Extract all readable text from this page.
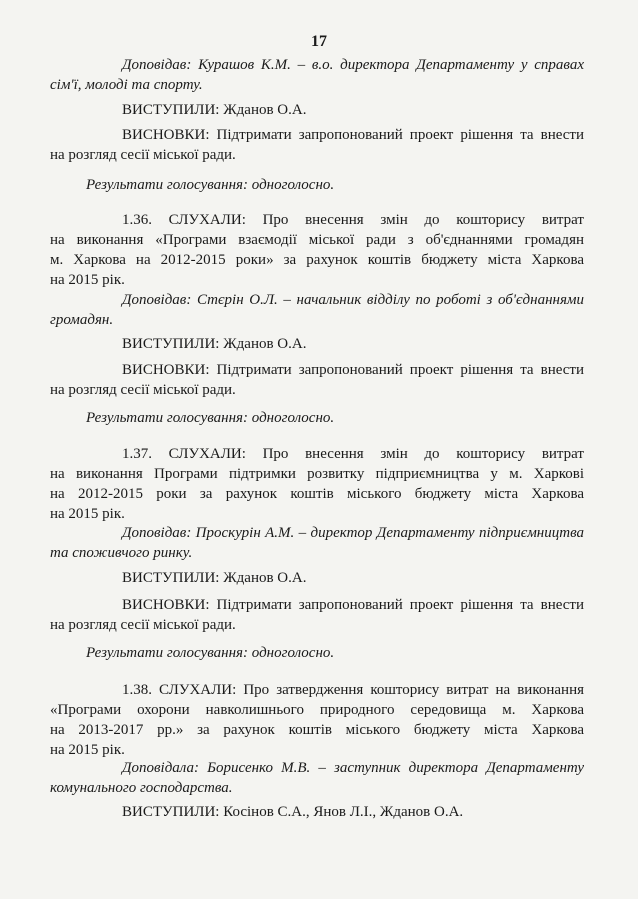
17
Доповідав: Курашов К.М. – в.о. директора Департаменту у справах
сім'ї, молоді та спорту.
ВИСТУПИЛИ: Жданов О.А.
ВИСНОВКИ: Підтримати запропонований проект рішення та внести
на розгляд сесії міської ради.
Результати голосування: одноголосно.
1.36. СЛУХАЛИ: Про внесення змін до кошторису витрат
на виконання «Програми взаємодії міської ради з об'єднаннями громадян
м. Харкова на 2012-2015 роки» за рахунок коштів бюджету міста Харкова
на 2015 рік.
Доповідав: Стєрін О.Л. – начальник відділу по роботі з об'єднаннями
громадян.
ВИСТУПИЛИ: Жданов О.А.
ВИСНОВКИ: Підтримати запропонований проект рішення та внести
на розгляд сесії міської ради.
Результати голосування: одноголосно.
1.37. СЛУХАЛИ: Про внесення змін до кошторису витрат
на виконання Програми підтримки розвитку підприємництва у м. Харкові
на 2012-2015 роки за рахунок коштів міського бюджету міста Харкова
на 2015 рік.
Доповідав: Проскурін А.М. – директор Департаменту підприємництва
та споживчого ринку.
ВИСТУПИЛИ: Жданов О.А.
ВИСНОВКИ: Підтримати запропонований проект рішення та внести
на розгляд сесії міської ради.
Результати голосування: одноголосно.
1.38. СЛУХАЛИ: Про затвердження кошторису витрат на виконання
«Програми охорони навколишнього природного середовища м. Харкова
на 2013-2017 рр.» за рахунок коштів міського бюджету міста Харкова
на 2015 рік.
Доповідала: Борисенко М.В. – заступник директора Департаменту
комунального господарства.
ВИСТУПИЛИ: Косінов С.А., Янов Л.І., Жданов О.А.
